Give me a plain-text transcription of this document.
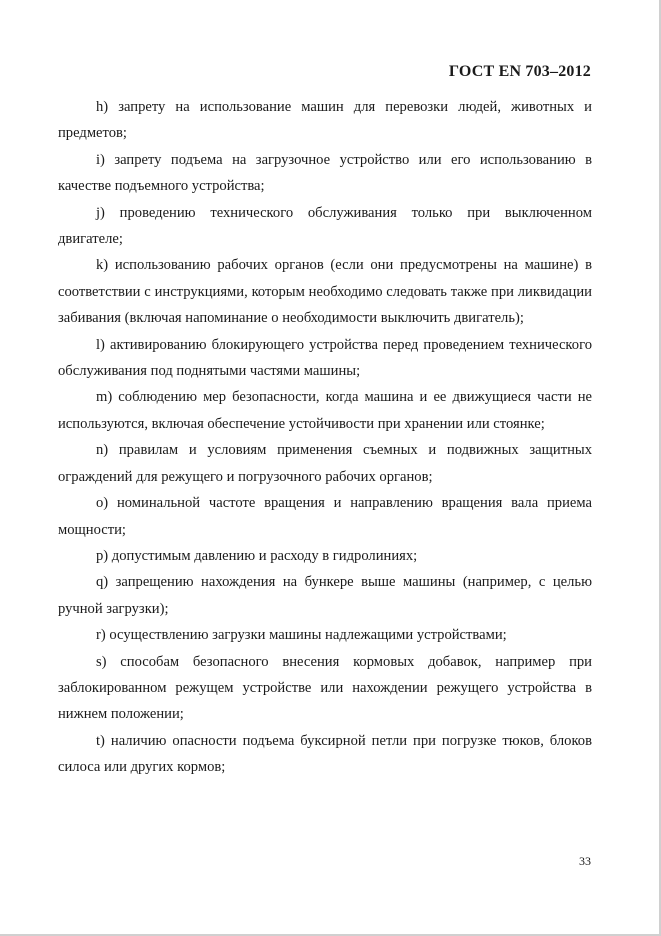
ГОСТ EN 703–2012

h) запрету на использование машин для перевозки людей, животных и предметов;

i) запрету подъема на загрузочное устройство или его использованию в качестве подъемного устройства;

j) проведению технического обслуживания только при выключенном двигателе;

k) использованию рабочих органов (если они предусмотрены на машине) в соответствии с инструкциями, которым необходимо следовать также при ликвидации забивания (включая напоминание о необходимости выключить двигатель);

l) активированию блокирующего устройства перед проведением технического обслуживания под поднятыми частями машины;

m) соблюдению мер безопасности, когда машина и ее движущиеся части не используются, включая обеспечение устойчивости при хранении или стоянке;

n) правилам и условиям применения съемных и подвижных защитных ограждений для режущего и погрузочного рабочих органов;

o) номинальной частоте вращения и направлению вращения вала приема мощности;

p) допустимым давлению и расходу в гидролиниях;

q) запрещению нахождения на бункере выше машины (например, с целью ручной загрузки);

r) осуществлению загрузки машины надлежащими устройствами;

s) способам безопасного внесения кормовых добавок, например при заблокированном режущем устройстве или нахождении режущего устройства в нижнем положении;

t) наличию опасности подъема буксирной петли при погрузке тюков, блоков силоса или других кормов;

33
